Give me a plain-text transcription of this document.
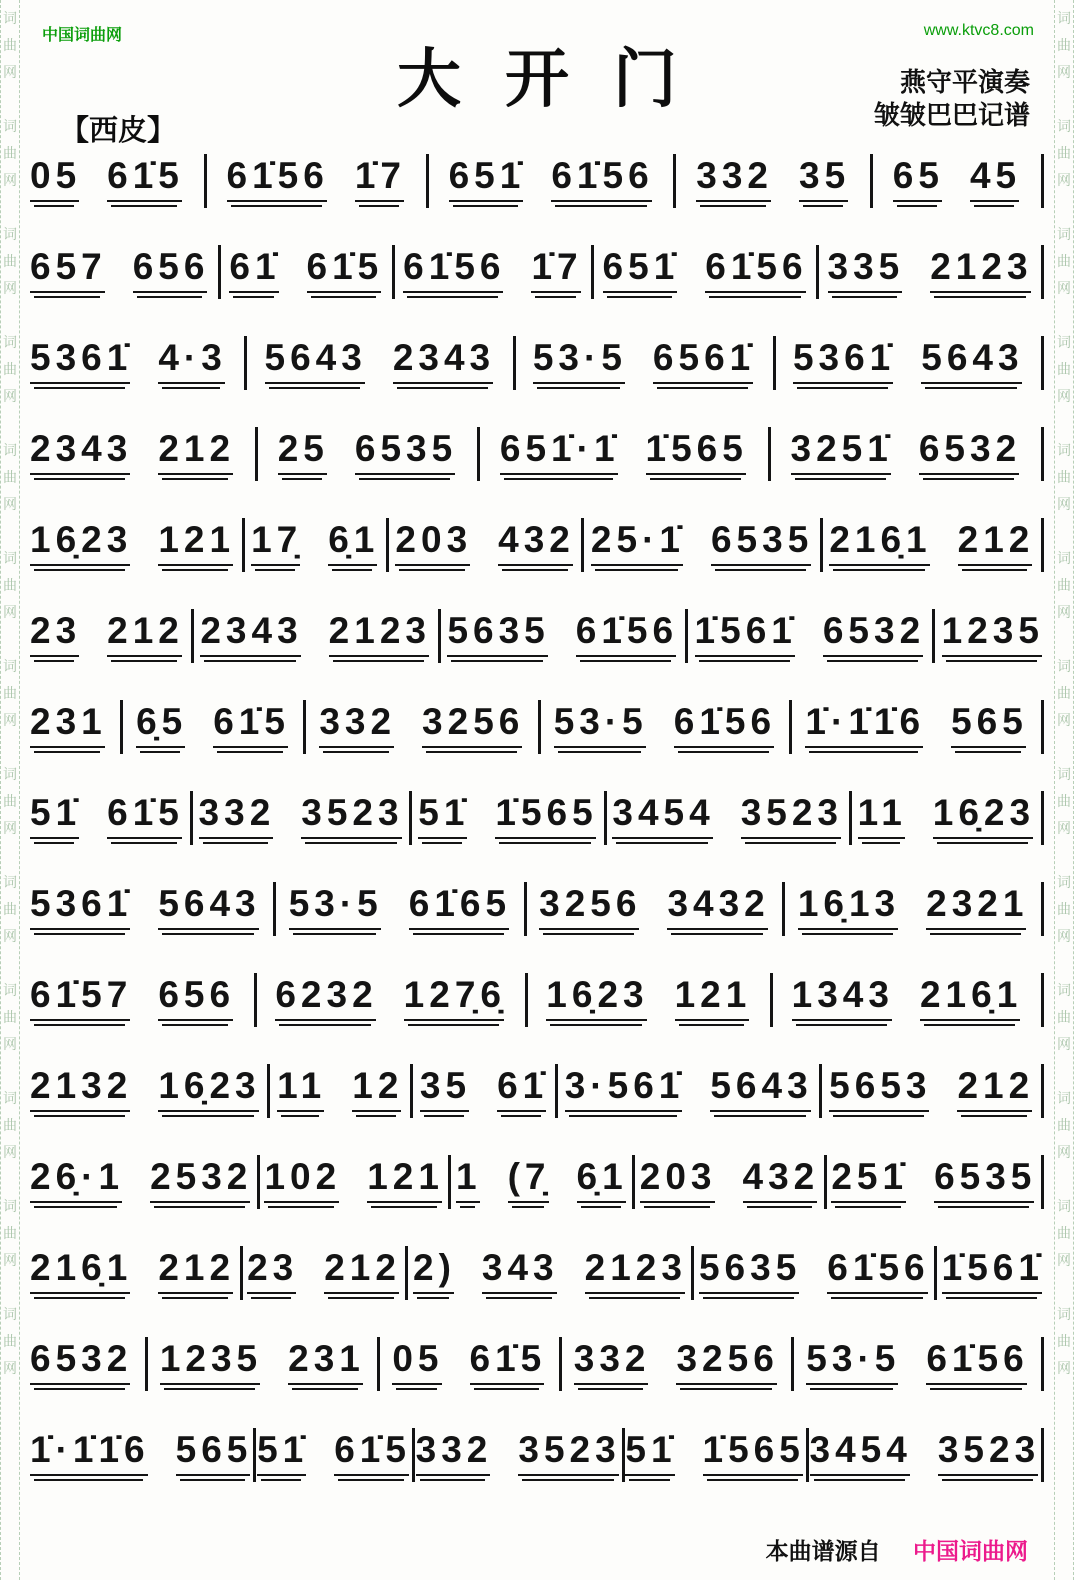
词
曲
网
词
曲
网
词
曲
网
词
曲
网
词
曲
网
词
曲
网
词
曲
网
词
曲
网
词
曲
网
词
曲
网
词
曲
网
词
曲
网
词
曲
网
词
曲
网
词
曲
网
词
曲
网
词
曲
网
词
曲
网
词
曲
网
词
曲
网
词
曲
网
词
曲
网
词
曲
网
词
曲
网
词
曲
网
词
曲
网
中国词曲网	www.ktvc8.com
大开门	燕守平演奏
皱皱巴巴记谱
【西皮】
05 61̇5 61̇56 1̇7 651̇ 61̇56 332 35 65 45
657 656 61̇ 61̇5 61̇56 1̇7 651̇ 61̇56 335 2123
5361̇ 4·3 5643 2343 53·5 6561̇ 5361̇ 5643
2343 212 25 6535 651̇·1̇ 1̇565 3251̇ 6532
16̣23 121 17̣ 6̣1 203 432 25·1̇ 6535 216̣1 212
23 212 2343 2123 5635 61̇56 1̇561̇ 6532 1235
231 6̣5 61̇5 332 3256 53·5 61̇56 1̇·1̇1̇6 565
51̇ 61̇5 332 3523 51̇ 1̇565 3454 3523 11 16̣23
5361̇ 5643 53·5 61̇65 3256 3432 16̣13 2321
61̇57 656 6232 127̣6̣ 16̣23 121 1343 216̣1
2132 16̣23 11 12 35 61̇ 3·561̇ 5643 5653 212
26̣·1 2532 102 121 1 (7̣ 6̣1 203 432 251̇ 6535
216̣1 212 23 212 2) 343 2123 5635 61̇56 1̇561̇
6532 1235 231 05 61̇5 332 3256 53·5 61̇56
1̇·1̇1̇6 565 51̇ 61̇5 332 3523 51̇ 1̇565 3454 3523
本曲谱源自 中国词曲网
